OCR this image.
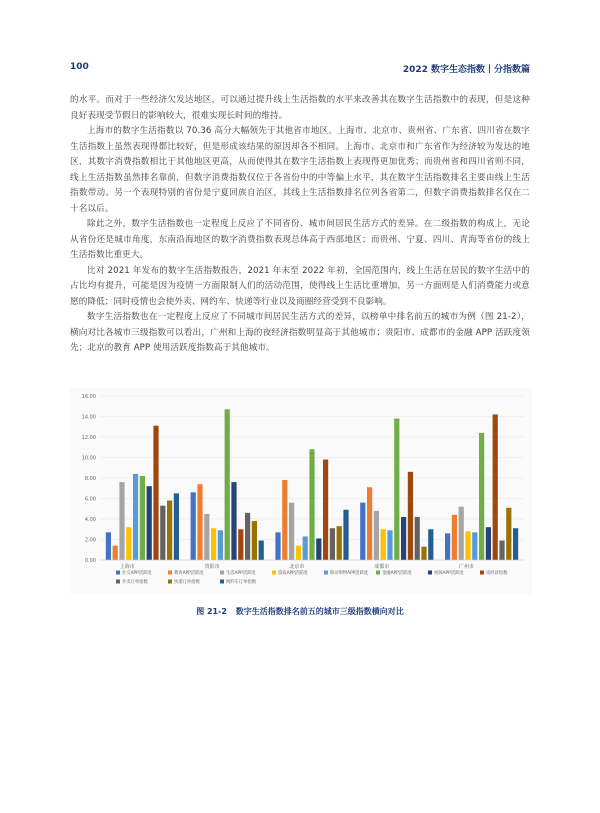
100	2022 数字生态指数丨分指数篇

的水平。而对于一些经济欠发达地区，可以通过提升线上生活指数的水平来改善其在数字生活指数中的表现，但是这种良好表现受节假日的影响较大，很难实现长时间的维持。

上海市的数字生活指数以 70.36 高分大幅领先于其他省市地区。上海市、北京市、贵州省、广东省、四川省在数字生活指数上虽然表现得都比较好，但是形成该结果的原因却各不相同。上海市、北京市和广东省作为经济较为发达的地区，其数字消费指数相比于其他地区更高，从而使得其在数字生活指数上表现得更加优秀；而贵州省和四川省则不同，线上生活指数虽然排名靠前，但数字消费指数仅位于各省份中的中等偏上水平，其在数字生活指数排名主要由线上生活指数带动。另一个表现特别的省份是宁夏回族自治区，其线上生活指数排名位列各省第二，但数字消费指数排名仅在二十名以后。

除此之外，数字生活指数也一定程度上反应了不同省份、城市间居民生活方式的差异。在二级指数的构成上，无论从省份还是城市角度，东南沿海地区的数字消费指数表现总体高于西部地区；而贵州、宁夏、四川、青海等省份的线上生活指数比重更大。

比对 2021 年发布的数字生活指数报告，2021 年末至 2022 年初，全国范围内，线上生活在居民的数字生活中的占比均有提升，可能是因为疫情一方面限制人们的活动范围，使得线上生活比重增加，另一方面则是人们消费能力或意愿的降低；同时疫情也会使外卖、网约车、快递等行业以及商圈经营受到不良影响。

数字生活指数也在一定程度上反应了不同城市间居民生活方式的差异，以榜单中排名前五的城市为例（图 21-2），横向对比各城市三级指数可以看出，广州和上海的夜经济指数明显高于其他城市；贵阳市、成都市的金融 APP 活跃度领先；北京的教育 APP 使用活跃度指数高于其他城市。

0.00
2.00
4.00
6.00
8.00
10.00
12.00
14.00
16.00
上海市	贵阳市	北京市	成都市	广州市
社交APP活跃度	教育APP活跃度	生活APP活跃度	游戏APP活跃度	移动购物APP活跃度	金融APP活跃度	视频APP活跃度	夜经济指数
外卖订单指数	快递订单指数	网约车订单指数
图 21-2 数字生活指数排名前五的城市三级指数横向对比
